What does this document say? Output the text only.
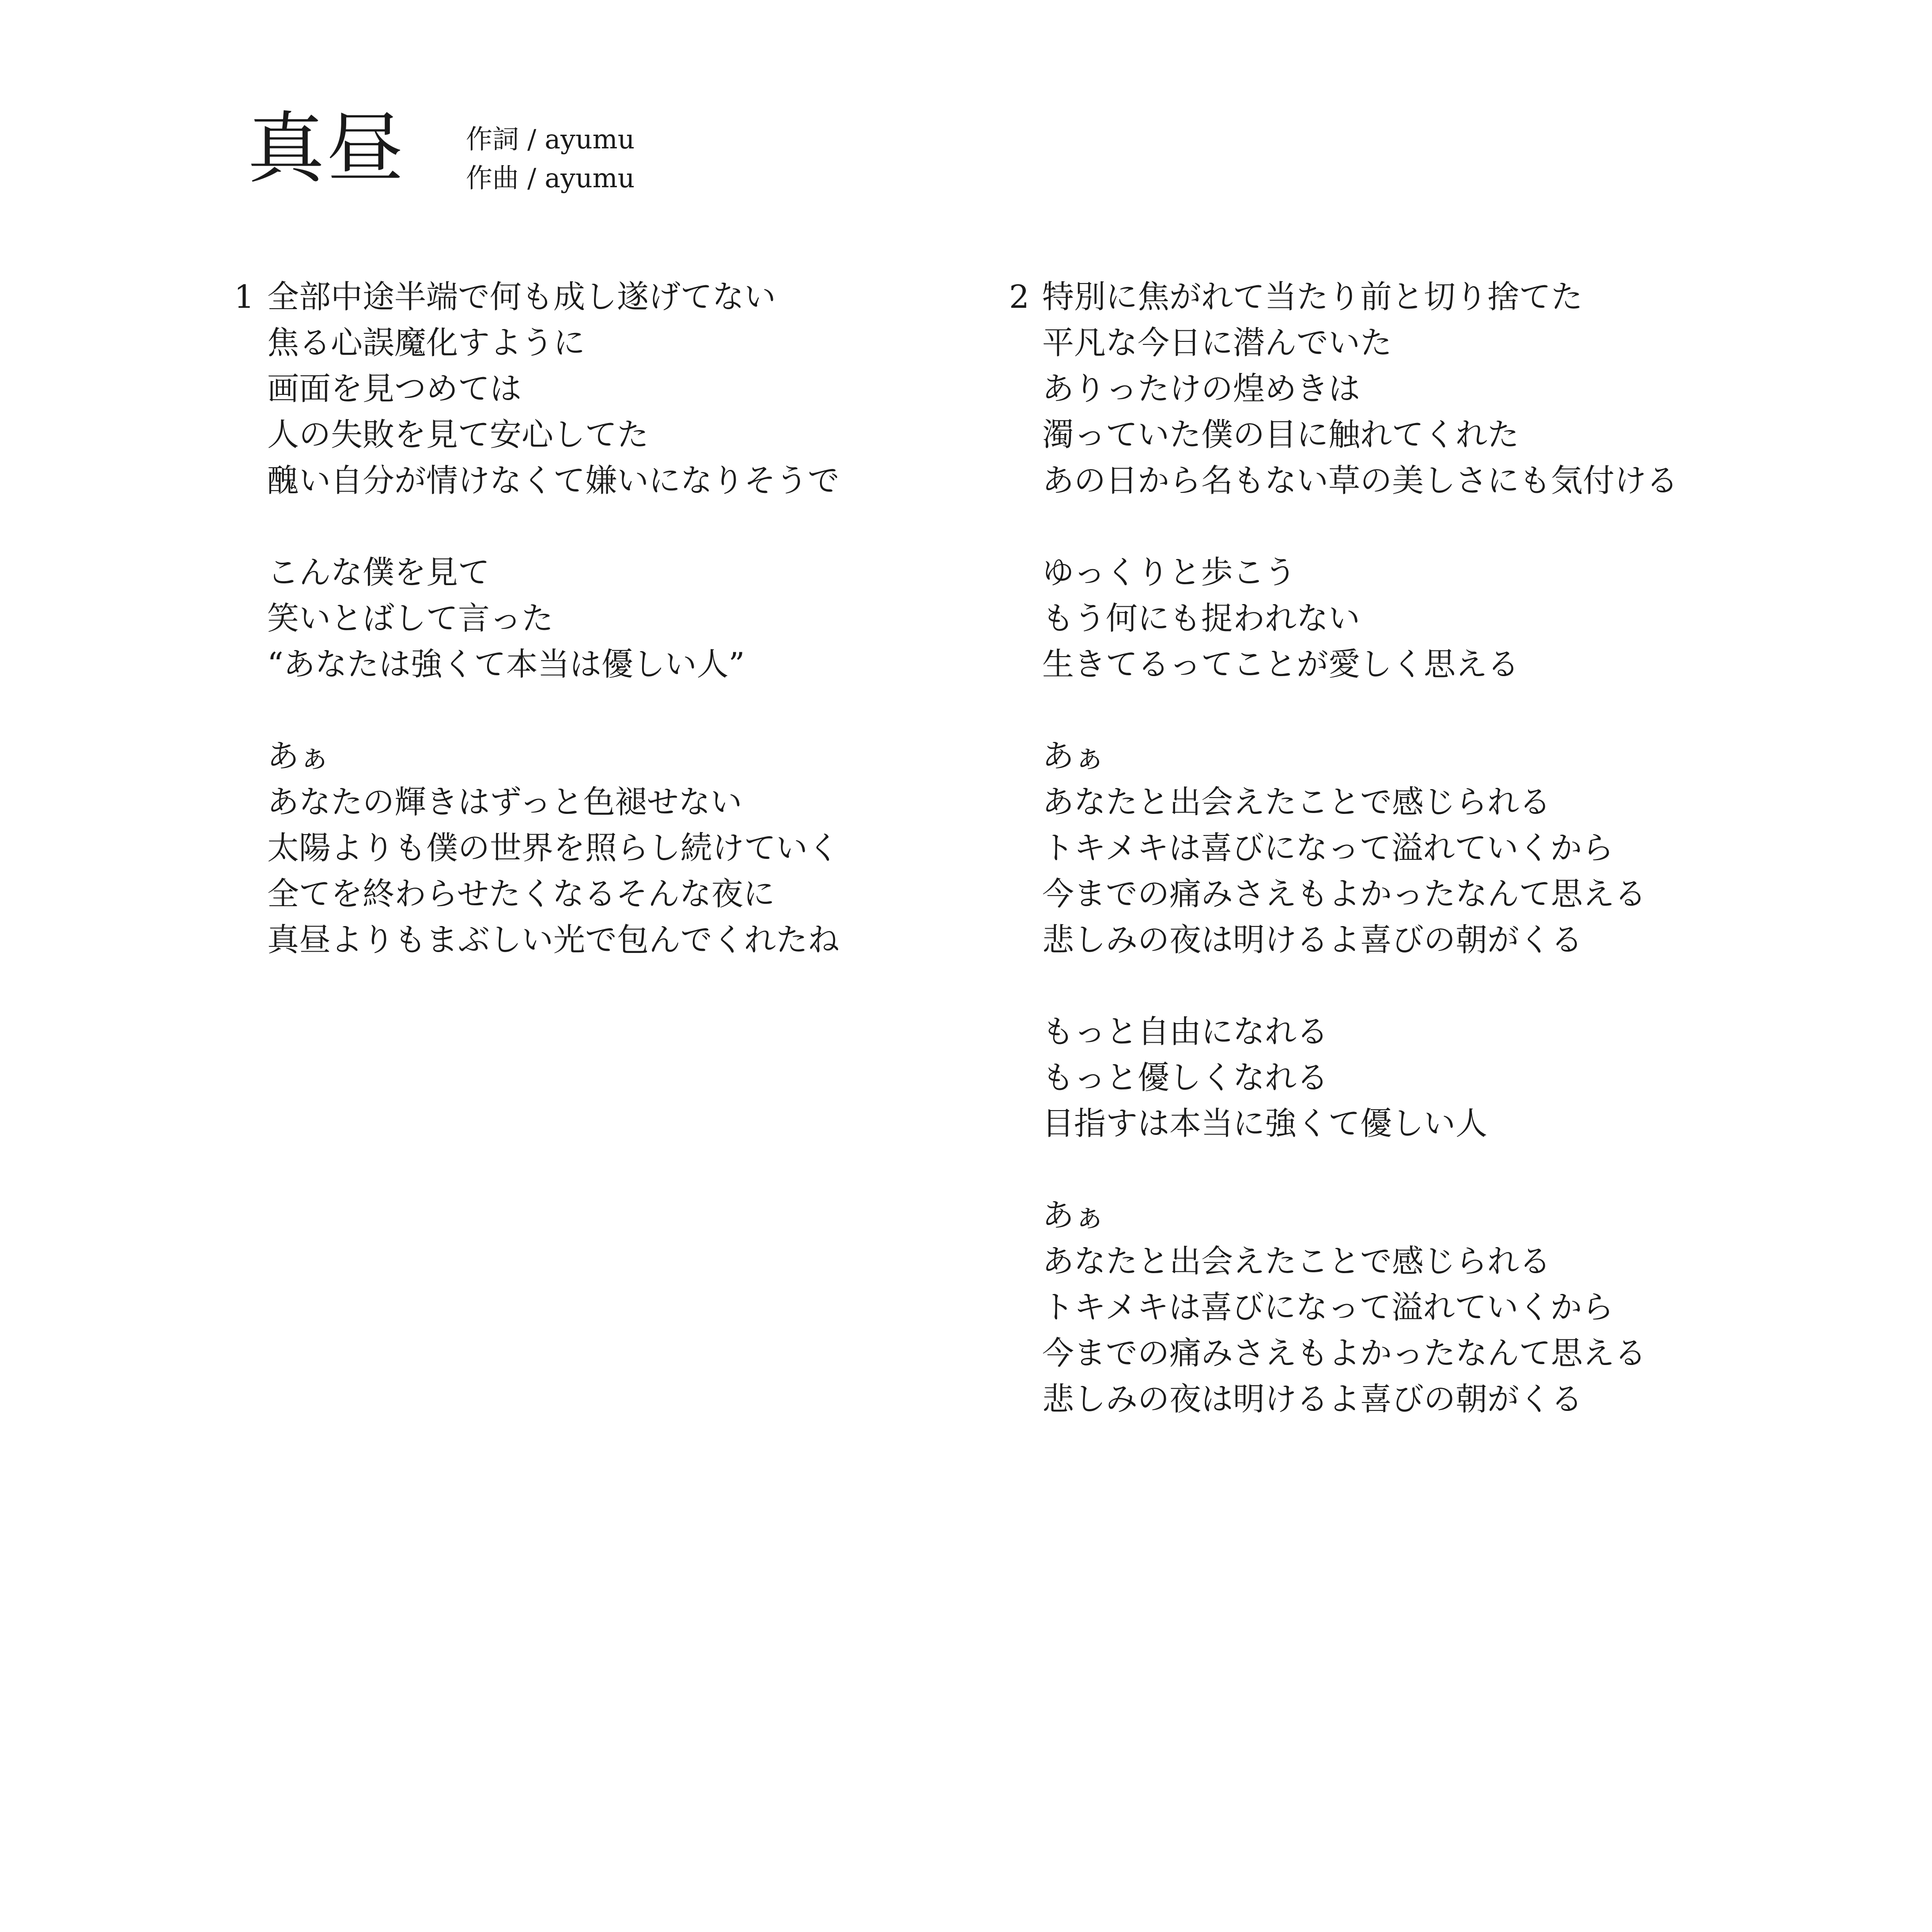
真昼 作詞 / ayumu
作曲 / ayumu
1 全部中途半端で何も成し遂げてない
焦る心誤魔化すように
画面を見つめては
人の失敗を見て安心してた
醜い自分が情けなくて嫌いになりそうで
こんな僕を見て
笑いとばして言った
“あなたは強くて本当は優しい人”
あぁ
あなたの輝きはずっと色褪せない
太陽よりも僕の世界を照らし続けていく
全てを終わらせたくなるそんな夜に
真昼よりもまぶしい光で包んでくれたね
2 特別に焦がれて当たり前と切り捨てた
平凡な今日に潜んでいた
ありったけの煌めきは
濁っていた僕の目に触れてくれた
あの日から名もない草の美しさにも気付ける
ゆっくりと歩こう
もう何にも捉われない
生きてるってことが愛しく思える
あぁ
あなたと出会えたことで感じられる
トキメキは喜びになって溢れていくから
今までの痛みさえもよかったなんて思える
悲しみの夜は明けるよ喜びの朝がくる
もっと自由になれる
もっと優しくなれる
目指すは本当に強くて優しい人
あぁ
あなたと出会えたことで感じられる
トキメキは喜びになって溢れていくから
今までの痛みさえもよかったなんて思える
悲しみの夜は明けるよ喜びの朝がくる
